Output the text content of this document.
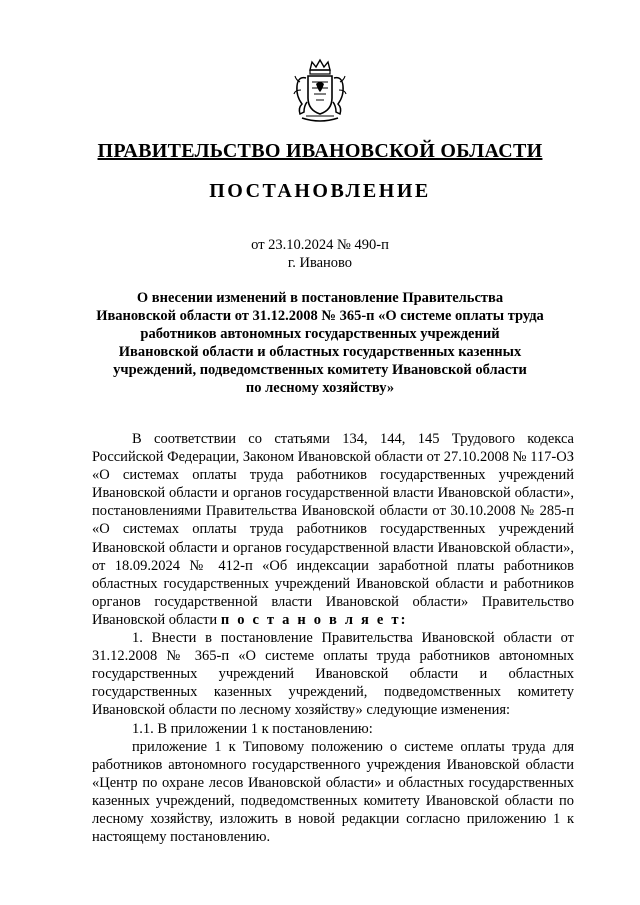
ПРАВИТЕЛЬСТВО ИВАНОВСКОЙ ОБЛАСТИ
ПОСТАНОВЛЕНИЕ
от 23.10.2024 № 490-п
г. Иваново
О внесении изменений в постановление Правительства
Ивановской области от 31.12.2008 № 365-п «О системе оплаты труда
работников автономных государственных учреждений
Ивановской области и областных государственных казенных
учреждений, подведомственных комитету Ивановской области
по лесному хозяйству»

В соответствии со статьями 134, 144, 145 Трудового кодекса Российской Федерации, Законом Ивановской области от 27.10.2008 № 117-ОЗ «О системах оплаты труда работников государственных учреждений Ивановской области и органов государственной власти Ивановской области», постановлениями Правительства Ивановской области от 30.10.2008 № 285-п «О системах оплаты труда работников государственных учреждений Ивановской области и органов государственной власти Ивановской области», от 18.09.2024 № 412-п «Об индексации заработной платы работников областных государственных учреждений Ивановской области и работников органов государственной власти Ивановской области» Правительство Ивановской области п о с т а н о в л я е т:

1. Внести в постановление Правительства Ивановской области от 31.12.2008 № 365-п «О системе оплаты труда работников автономных государственных учреждений Ивановской области и областных государственных казенных учреждений, подведомственных комитету Ивановской области по лесному хозяйству» следующие изменения:

1.1. В приложении 1 к постановлению:

приложение 1 к Типовому положению о системе оплаты труда для работников автономного государственного учреждения Ивановской области «Центр по охране лесов Ивановской области» и областных государственных казенных учреждений, подведомственных комитету Ивановской области по лесному хозяйству, изложить в новой редакции согласно приложению 1 к настоящему постановлению.
